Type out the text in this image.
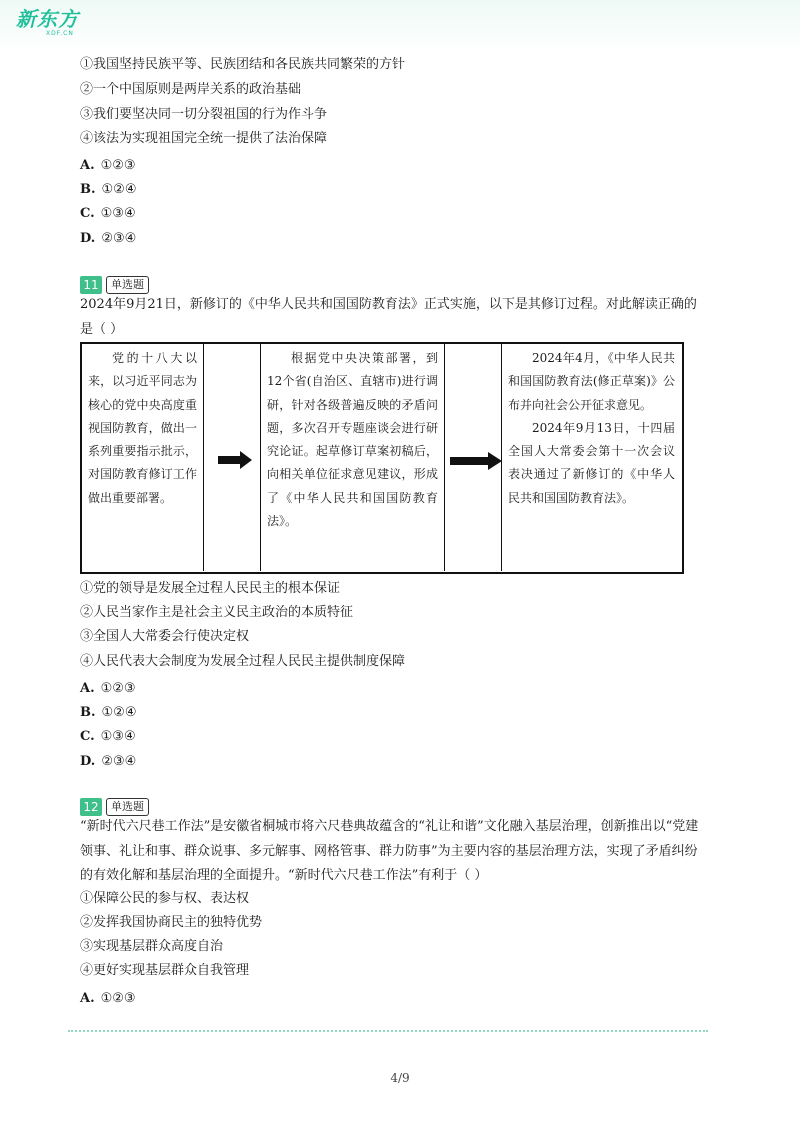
新东方
XDF.CN
①我国坚持民族平等、民族团结和各民族共同繁荣的方针
②一个中国原则是两岸关系的政治基础
③我们要坚决同一切分裂祖国的行为作斗争
④该法为实现祖国完全统一提供了法治保障
A. ①②③
B. ①②④
C. ①③④
D. ②③④
11	单选题
2024年9月21日，新修订的《中华人民共和国国防教育法》正式实施，以下是其修订过程。对此解读正确的是（ ）

党的十八大以来，以习近平同志为核心的党中央高度重视国防教育，做出一系列重要指示批示，对国防教育修订工作做出重要部署。

根据党中央决策部署，到12个省(自治区、直辖市)进行调研，针对各级普遍反映的矛盾问题，多次召开专题座谈会进行研究论证。起草修订草案初稿后，向相关单位征求意见建议，形成了《中华人民共和国国防教育法》。

2024年4月，《中华人民共和国国防教育法(修正草案)》公布并向社会公开征求意见。

2024年9月13日，十四届全国人大常委会第十一次会议表决通过了新修订的《中华人民共和国国防教育法》。

①党的领导是发展全过程人民民主的根本保证
②人民当家作主是社会主义民主政治的本质特征
③全国人大常委会行使决定权
④人民代表大会制度为发展全过程人民民主提供制度保障
A. ①②③
B. ①②④
C. ①③④
D. ②③④
12	单选题
“新时代六尺巷工作法”是安徽省桐城市将六尺巷典故蕴含的“礼让和谐”文化融入基层治理，创新推出以“党建领事、礼让和事、群众说事、多元解事、网格管事、群力防事”为主要内容的基层治理方法，实现了矛盾纠纷的有效化解和基层治理的全面提升。“新时代六尺巷工作法”有利于（ ）
①保障公民的参与权、表达权
②发挥我国协商民主的独特优势
③实现基层群众高度自治
④更好实现基层群众自我管理
A. ①②③
4/9
